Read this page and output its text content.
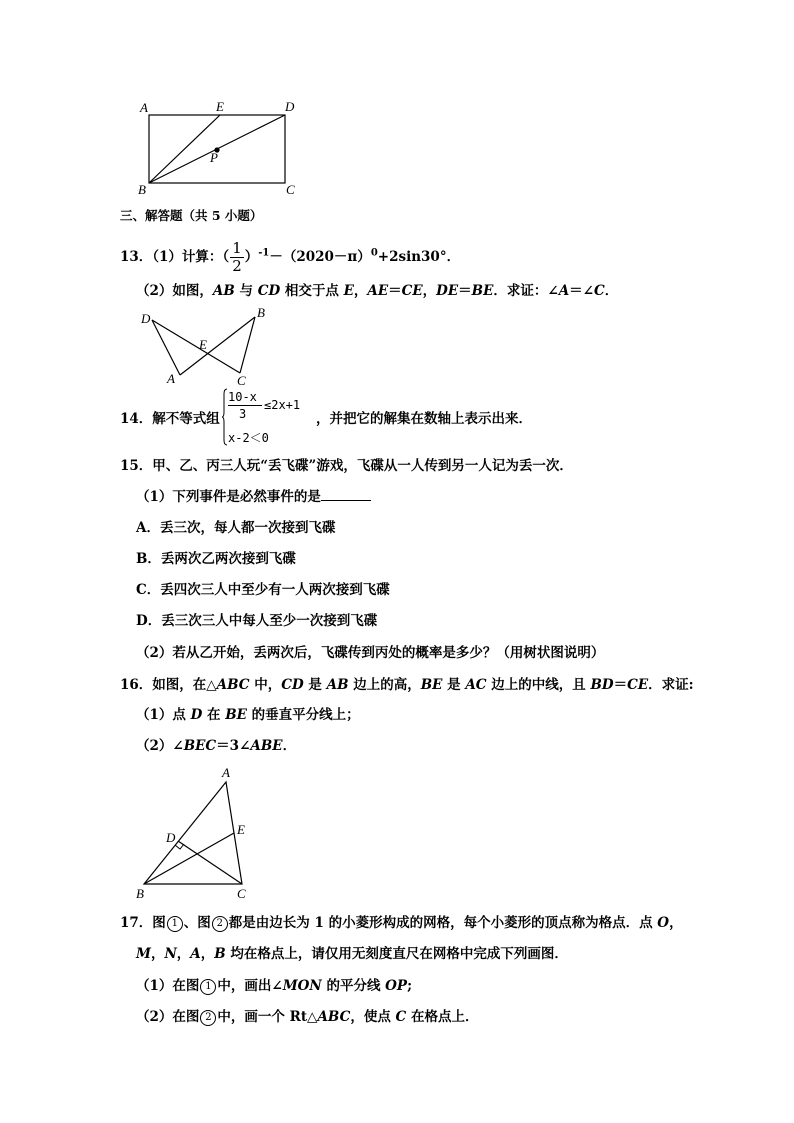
A	E	D
P
B	C
三、解答题（共 5 小题）
13．（1）计算：（ $\frac{1}{2} )^{-1}-(2020-\pi)^0+2\sin 30^\circ$．
（2）如图，AB 与 CD 相交于点 E，AE＝CE，DE＝BE．求证：∠A＝∠C．
D	B
E
A	C
14．解不等式组
10-x
3
≤2x+1
x-2＜0
，并把它的解集在数轴上表示出来．
15．甲、乙、丙三人玩“丢飞碟”游戏，飞碟从一人传到另一人记为丢一次．
（1）下列事件是必然事件的是
A．丢三次，每人都一次接到飞碟
B．丢两次乙两次接到飞碟
C．丢四次三人中至少有一人两次接到飞碟
D．丢三次三人中每人至少一次接到飞碟
（2）若从乙开始，丢两次后，飞碟传到丙处的概率是多少？（用树状图说明）
16．如图，在△ABC 中，CD 是 AB 边上的高，BE 是 AC 边上的中线，且 BD＝CE．求证:
（1）点 D 在 BE 的垂直平分线上；
（2）∠BEC＝3∠ABE．
A
D
E
B	C
17．图 1 、图 2 都是由边长为 1 的小菱形构成的网格，每个小菱形的顶点称为格点．点 O，
M，N，A，B 均在格点上，请仅用无刻度直尺在网格中完成下列画图．
（1）在图 1 中，画出∠MON 的平分线 OP;
（2）在图 2 中，画一个 Rt△ABC，使点 C 在格点上．
